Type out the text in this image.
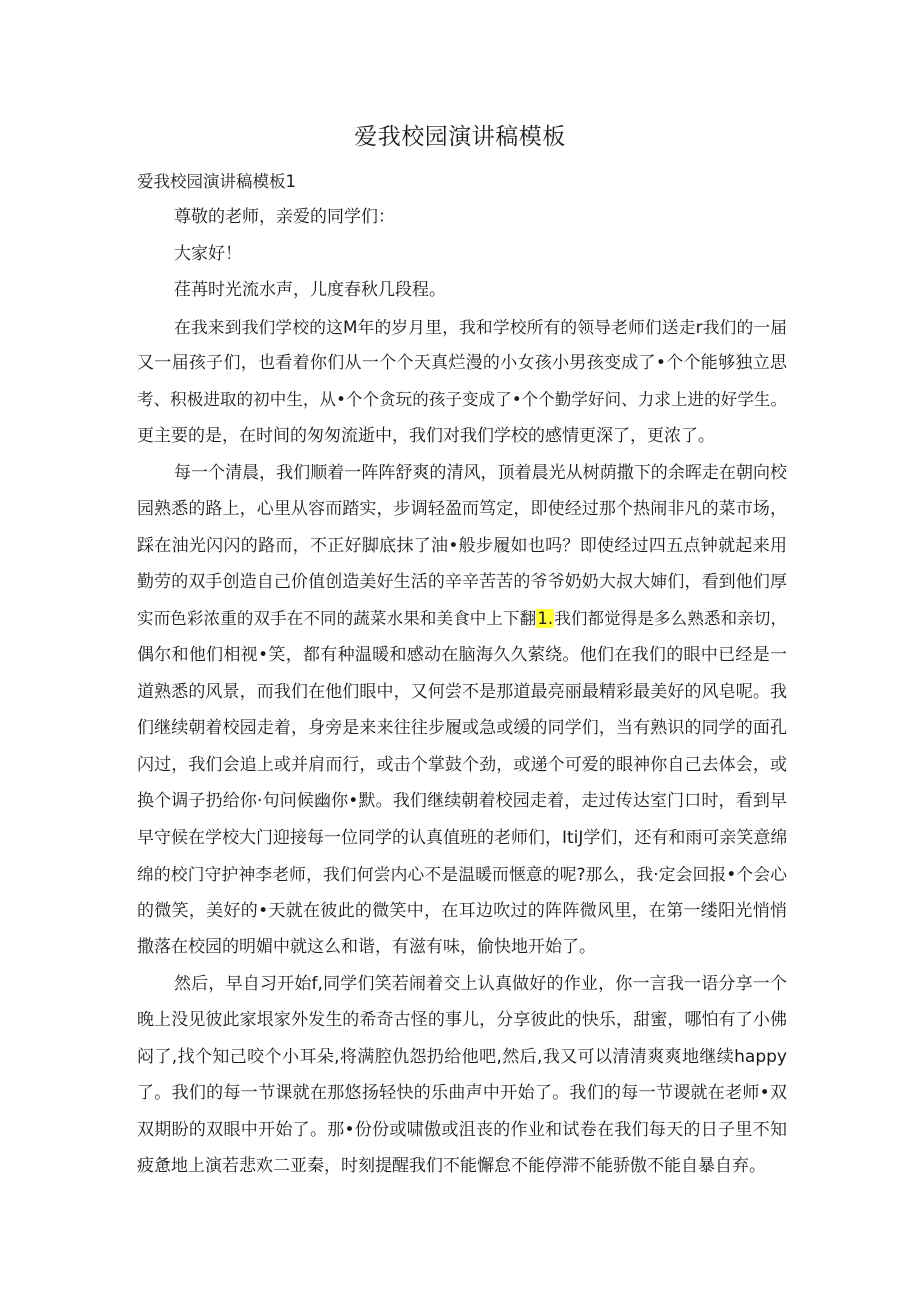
爱我校园演讲稿模板
爱我校园演讲稿模板1
尊敬的老师，亲爱的同学们：
大家好！
荏苒时光流水声，儿度春秋几段程。
在我来到我们学校的这M年的岁月里，我和学校所有的领导老师们送走r我们的一届
又一届孩子们，也看着你们从一个个天真烂漫的小女孩小男孩变成了•个个能够独立思
考、积极进取的初中生，从•个个贪玩的孩子变成了•个个勤学好问、力求上进的好学生。
更主要的是，在时间的匆匆流逝中，我们对我们学校的感情更深了，更浓了。
每一个清晨，我们顺着一阵阵舒爽的清风，顶着晨光从树荫撒下的余晖走在朝向校
园熟悉的路上，心里从容而踏实，步调轻盈而笃定，即使经过那个热闹非凡的菜市场，
踩在油光闪闪的路而，不正好脚底抹了油•般步履如也吗？即使经过四五点钟就起来用
勤劳的双手创造自己价值创造美好生活的辛辛苦苦的爷爷奶奶大叔大婶们，看到他们厚
实而色彩浓重的双手在不同的蔬菜水果和美食中上下翻1.我们都觉得是多么熟悉和亲切，
偶尔和他们相视•笑，都有种温暖和感动在脑海久久萦绕。他们在我们的眼中已经是一
道熟悉的风景，而我们在他们眼中，又何尝不是那道最亮丽最精彩最美好的风皂呢。我
们继续朝着校园走着，身旁是来来往往步履或急或缓的同学们，当有熟识的同学的面孔
闪过，我们会追上或并肩而行，或击个掌鼓个劲，或递个可爱的眼神你自己去体会，或
换个调子扔给你·句问候幽你•默。我们继续朝着校园走着，走过传达室门口时，看到早
早守候在学校大门迎接每一位同学的认真值班的老师们，ItiJ学们，还有和雨可亲笑意绵
绵的校门守护神李老师，我们何尝内心不是温暖而惬意的呢?那么，我·定会回报•个会心
的微笑，美好的•天就在彼此的微笑中，在耳边吹过的阵阵微风里，在第一缕阳光悄悄
撒落在校园的明媚中就这么和谐，有滋有味，偷快地开始了。
然后，早自习开始f,同学们笑若闹着交上认真做好的作业，你一言我一语分享一个
晚上没见彼此家垠家外发生的希奇古怪的事儿，分享彼此的快乐，甜蜜，哪怕有了小佛
闷了,找个知己咬个小耳朵,将满腔仇怨扔给他吧,然后,我又可以清清爽爽地继续happy
了。我们的每一节课就在那悠扬轻快的乐曲声中开始了。我们的每一节谡就在老师•双
双期盼的双眼中开始了。那•份份或啸傲或沮丧的作业和试卷在我们每天的日子里不知
疲惫地上演若悲欢二亚秦，时刻提醒我们不能懈怠不能停滞不能骄傲不能自暴自弃。
